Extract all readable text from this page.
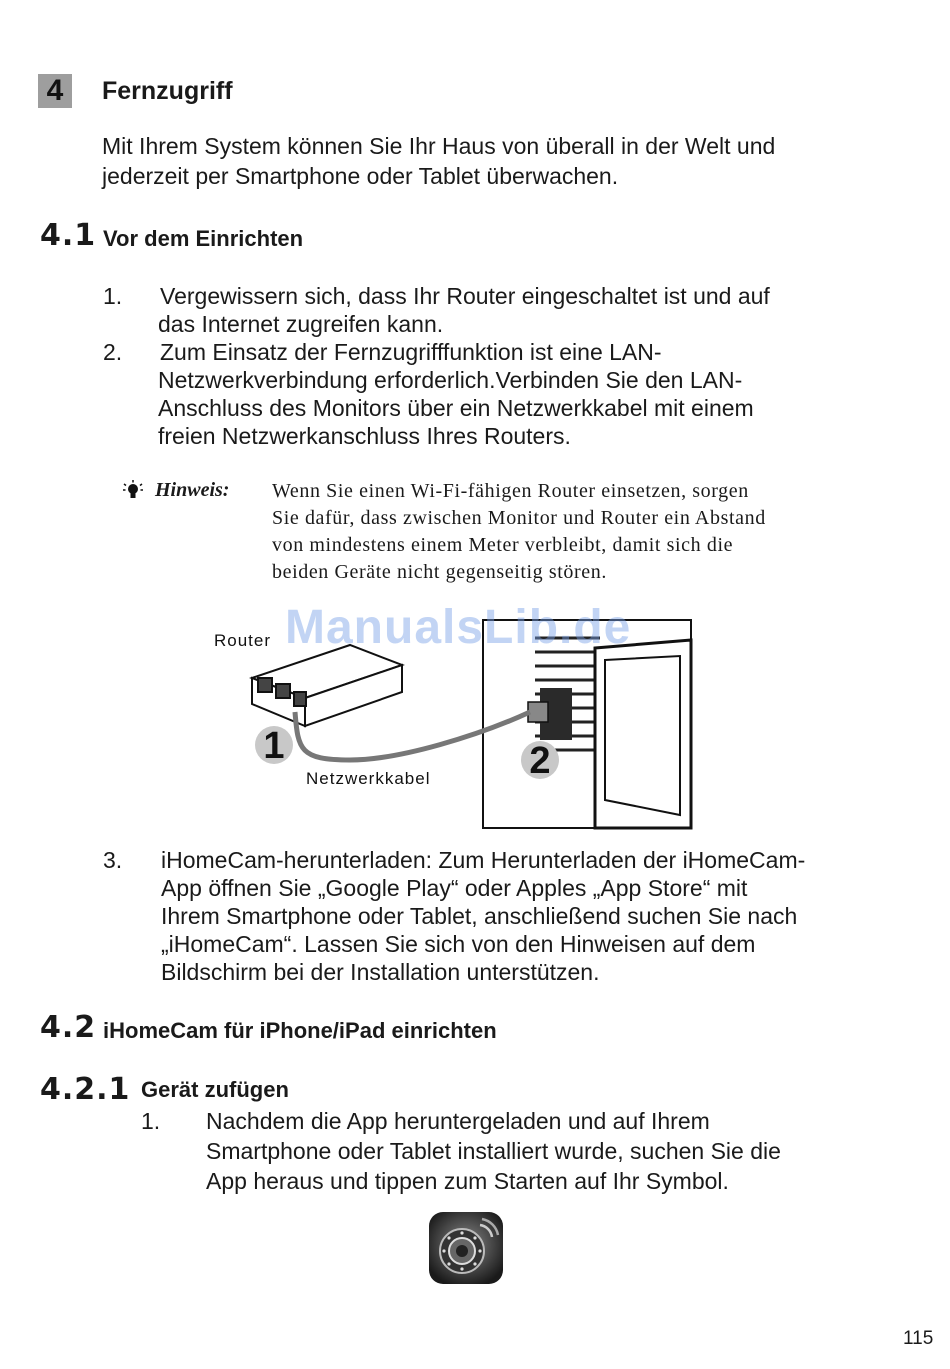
4	Fernzugriff
Mit Ihrem System können Sie Ihr Haus von überall in der Welt und
jederzeit per Smartphone oder Tablet überwachen.
4.1 Vor dem Einrichten
1. Vergewissern sich, dass Ihr Router eingeschaltet ist und auf
das Internet zugreifen kann.
2. Zum Einsatz der Fernzugrifffunktion ist eine LAN-
Netzwerkverbindung erforderlich.Verbinden Sie den LAN-
Anschluss des Monitors über ein Netzwerkkabel mit einem
freien Netzwerkanschluss Ihres Routers.
Hinweis: Wenn Sie einen Wi-Fi-fähigen Router einsetzen, sorgen
Sie dafür, dass zwischen Monitor und Router ein Abstand
von mindestens einem Meter verbleibt, damit sich die
beiden Geräte nicht gegenseitig stören.
1	2
Router
Netzwerkkabel
ManualsLib.de
3. iHomeCam-herunterladen: Zum Herunterladen der iHomeCam-
App öffnen Sie „Google Play“ oder Apples „App Store“ mit
Ihrem Smartphone oder Tablet, anschließend suchen Sie nach
„iHomeCam“. Lassen Sie sich von den Hinweisen auf dem
Bildschirm bei der Installation unterstützen.
4.2 iHomeCam für iPhone/iPad einrichten
4.2.1 Gerät zufügen
1. Nachdem die App heruntergeladen und auf Ihrem
Smartphone oder Tablet installiert wurde, suchen Sie die
App heraus und tippen zum Starten auf Ihr Symbol.
115
